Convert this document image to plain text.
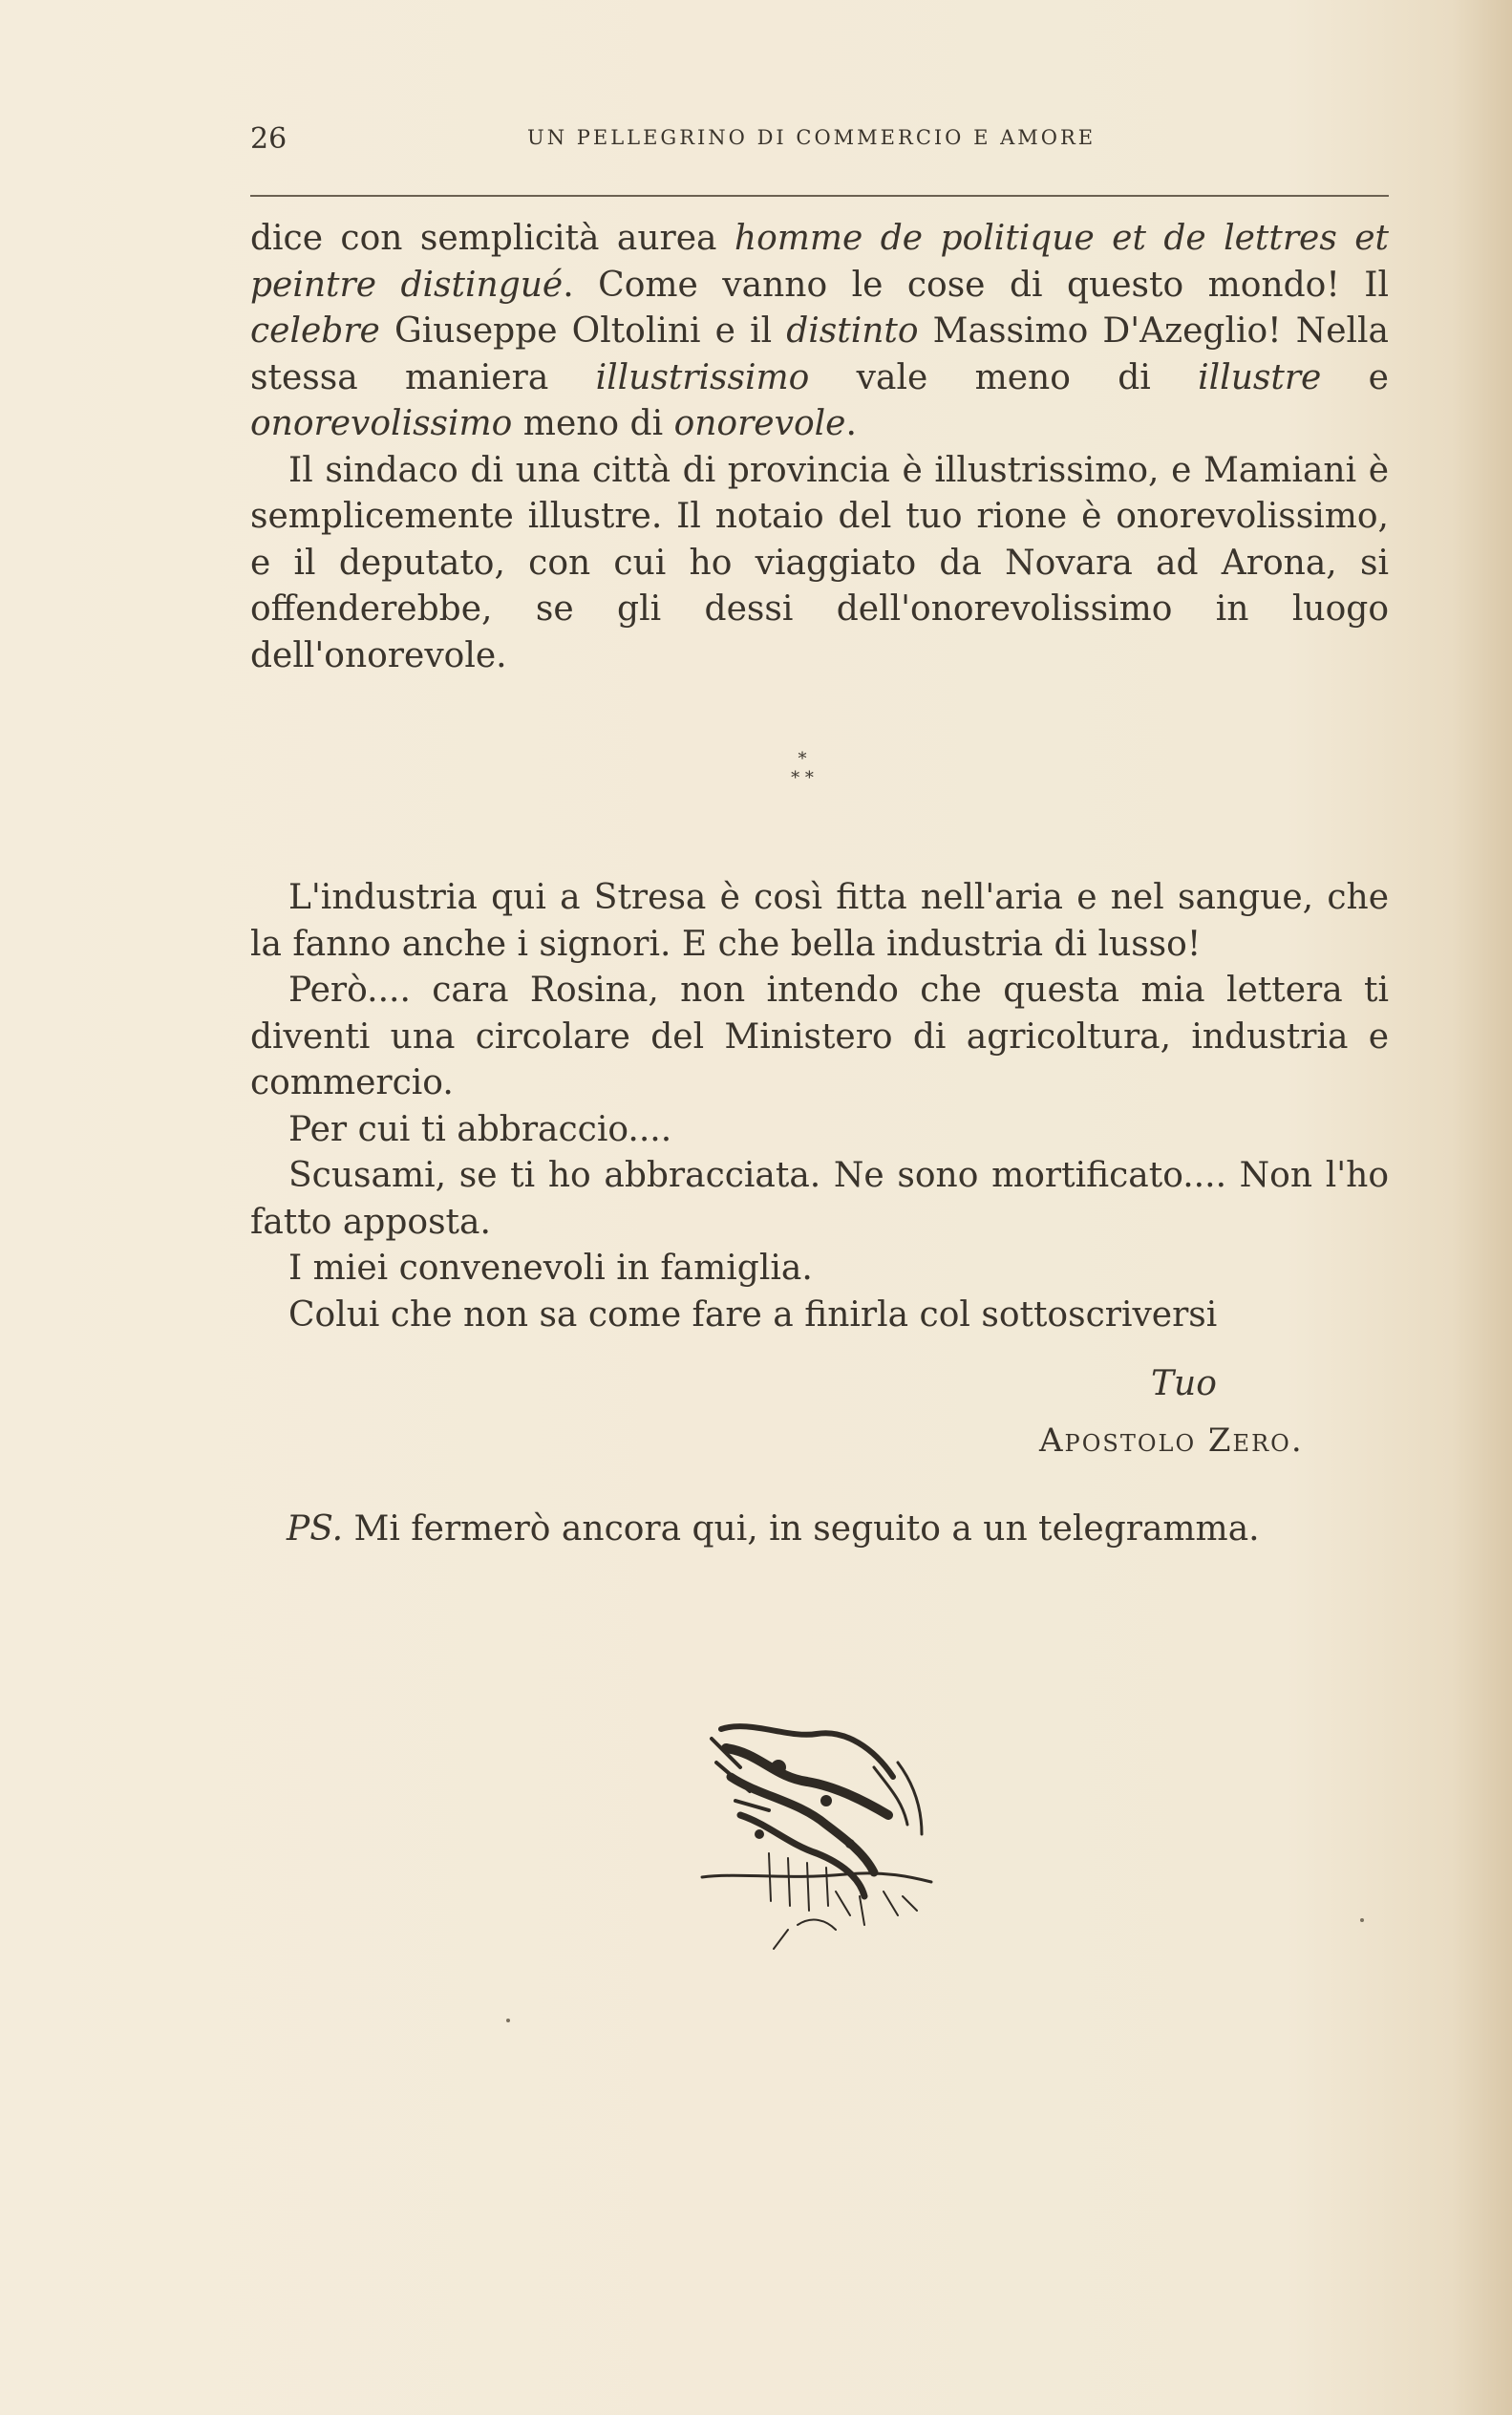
26	UN PELLEGRINO DI COMMERCIO E AMORE

dice con semplicità aurea homme de politique et de lettres et peintre distingué. Come vanno le cose di questo mondo! Il celebre Giuseppe Oltolini e il distinto Massimo D'Azeglio! Nella stessa maniera illustrissimo vale meno di illustre e onorevolissimo meno di onorevole.

Il sindaco di una città di provincia è illustrissimo, e Mamiani è semplicemente illustre. Il notaio del tuo rione è onorevolissimo, e il deputato, con cui ho viaggiato da Novara ad Arona, si offenderebbe, se gli dessi dell'onorevolissimo in luogo dell'onorevole.

L'industria qui a Stresa è così fitta nell'aria e nel sangue, che la fanno anche i signori. E che bella industria di lusso!

Però.... cara Rosina, non intendo che questa mia lettera ti diventi una circolare del Ministero di agricoltura, industria e commercio.

Per cui ti abbraccio....

Scusami, se ti ho abbracciata. Ne sono mortificato.... Non l'ho fatto apposta.

I miei convenevoli in famiglia.

Colui che non sa come fare a finirla col sottoscriversi

*
* *
Tuo
Apostolo Zero.
PS. Mi fermerò ancora qui, in seguito a un telegramma.
